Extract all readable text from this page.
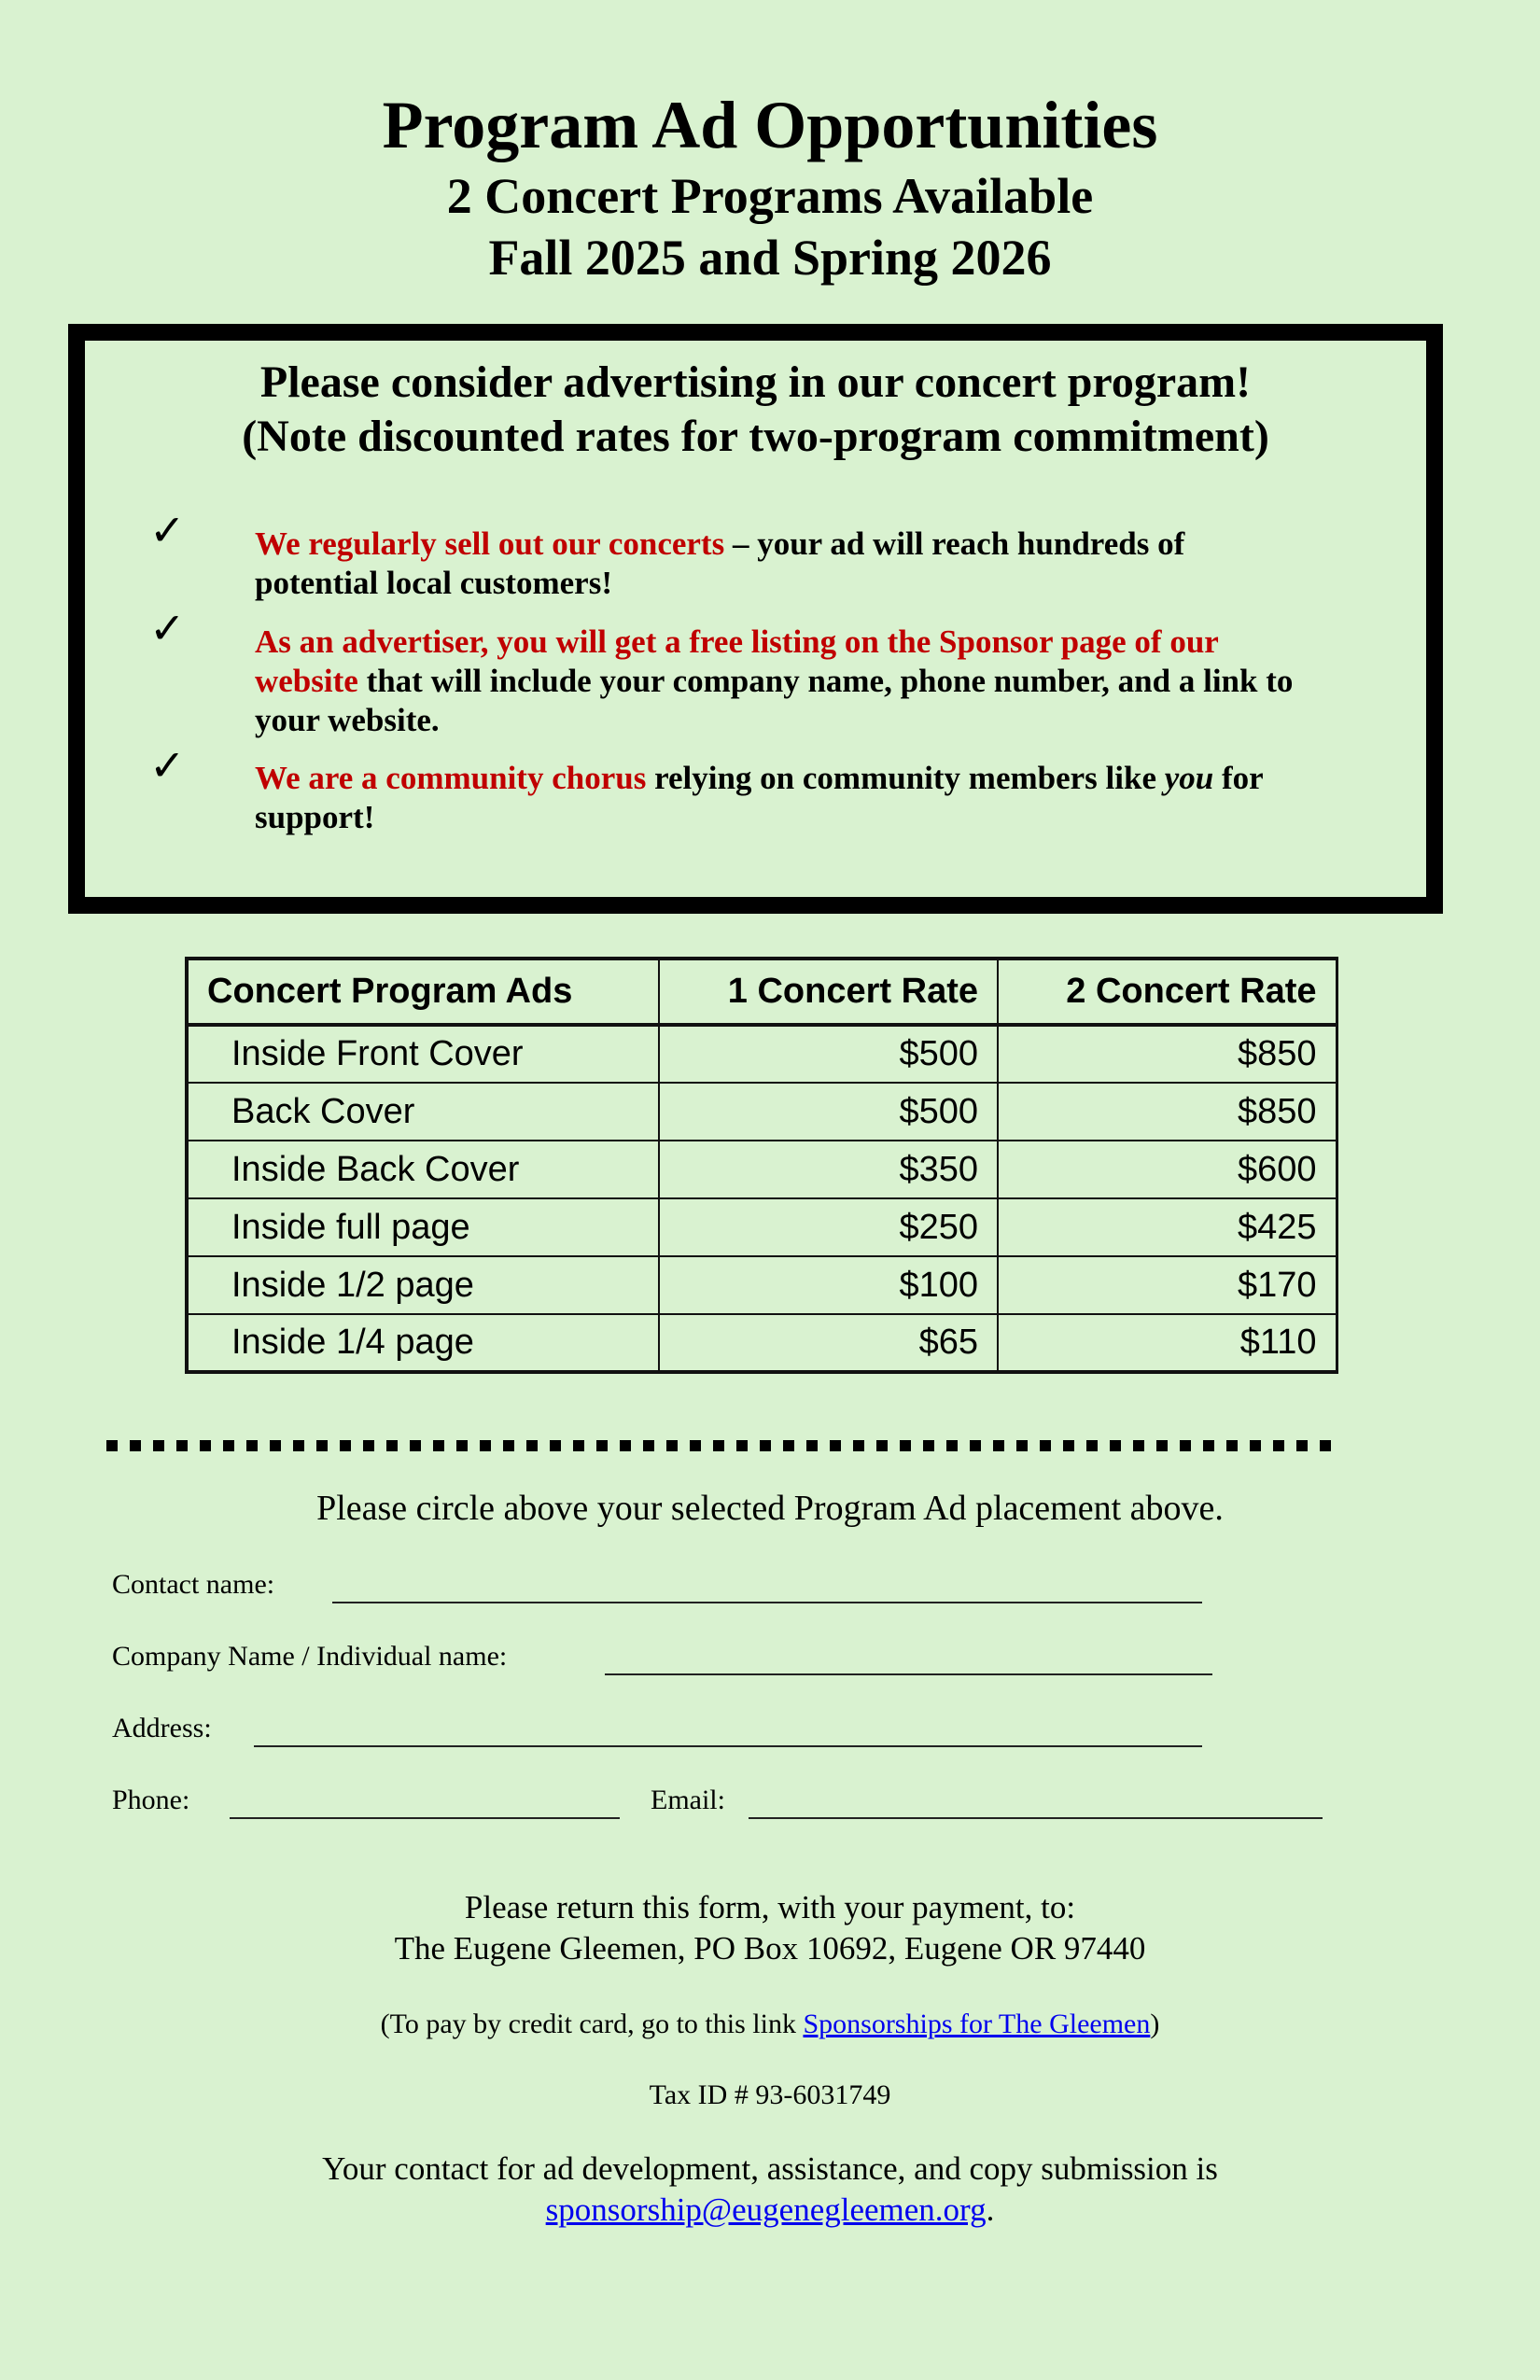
Program Ad Opportunities
2 Concert Programs Available
Fall 2025 and Spring 2026
Please consider advertising in our concert program!
(Note discounted rates for two-program commitment)
✓ We regularly sell out our concerts – your ad will reach hundreds of potential local customers!
✓ As an advertiser, you will get a free listing on the Sponsor page of our website that will include your company name, phone number, and a link to your website.
✓ We are a community chorus relying on community members like you for support!
Concert Program Ads	1 Concert Rate	2 Concert Rate
Inside Front Cover	$500	$850
Back Cover	$500	$850
Inside Back Cover	$350	$600
Inside full page	$250	$425
Inside 1/2 page	$100	$170
Inside 1/4 page	$65	$110
Please circle above your selected Program Ad placement above.
Contact name:
Company Name / Individual name:
Address:
Phone:	Email:
Please return this form, with your payment, to:
The Eugene Gleemen, PO Box 10692, Eugene OR 97440
(To pay by credit card, go to this link Sponsorships for The Gleemen)
Tax ID # 93-6031749
Your contact for ad development, assistance, and copy submission is
sponsorship@eugenegleemen.org.
